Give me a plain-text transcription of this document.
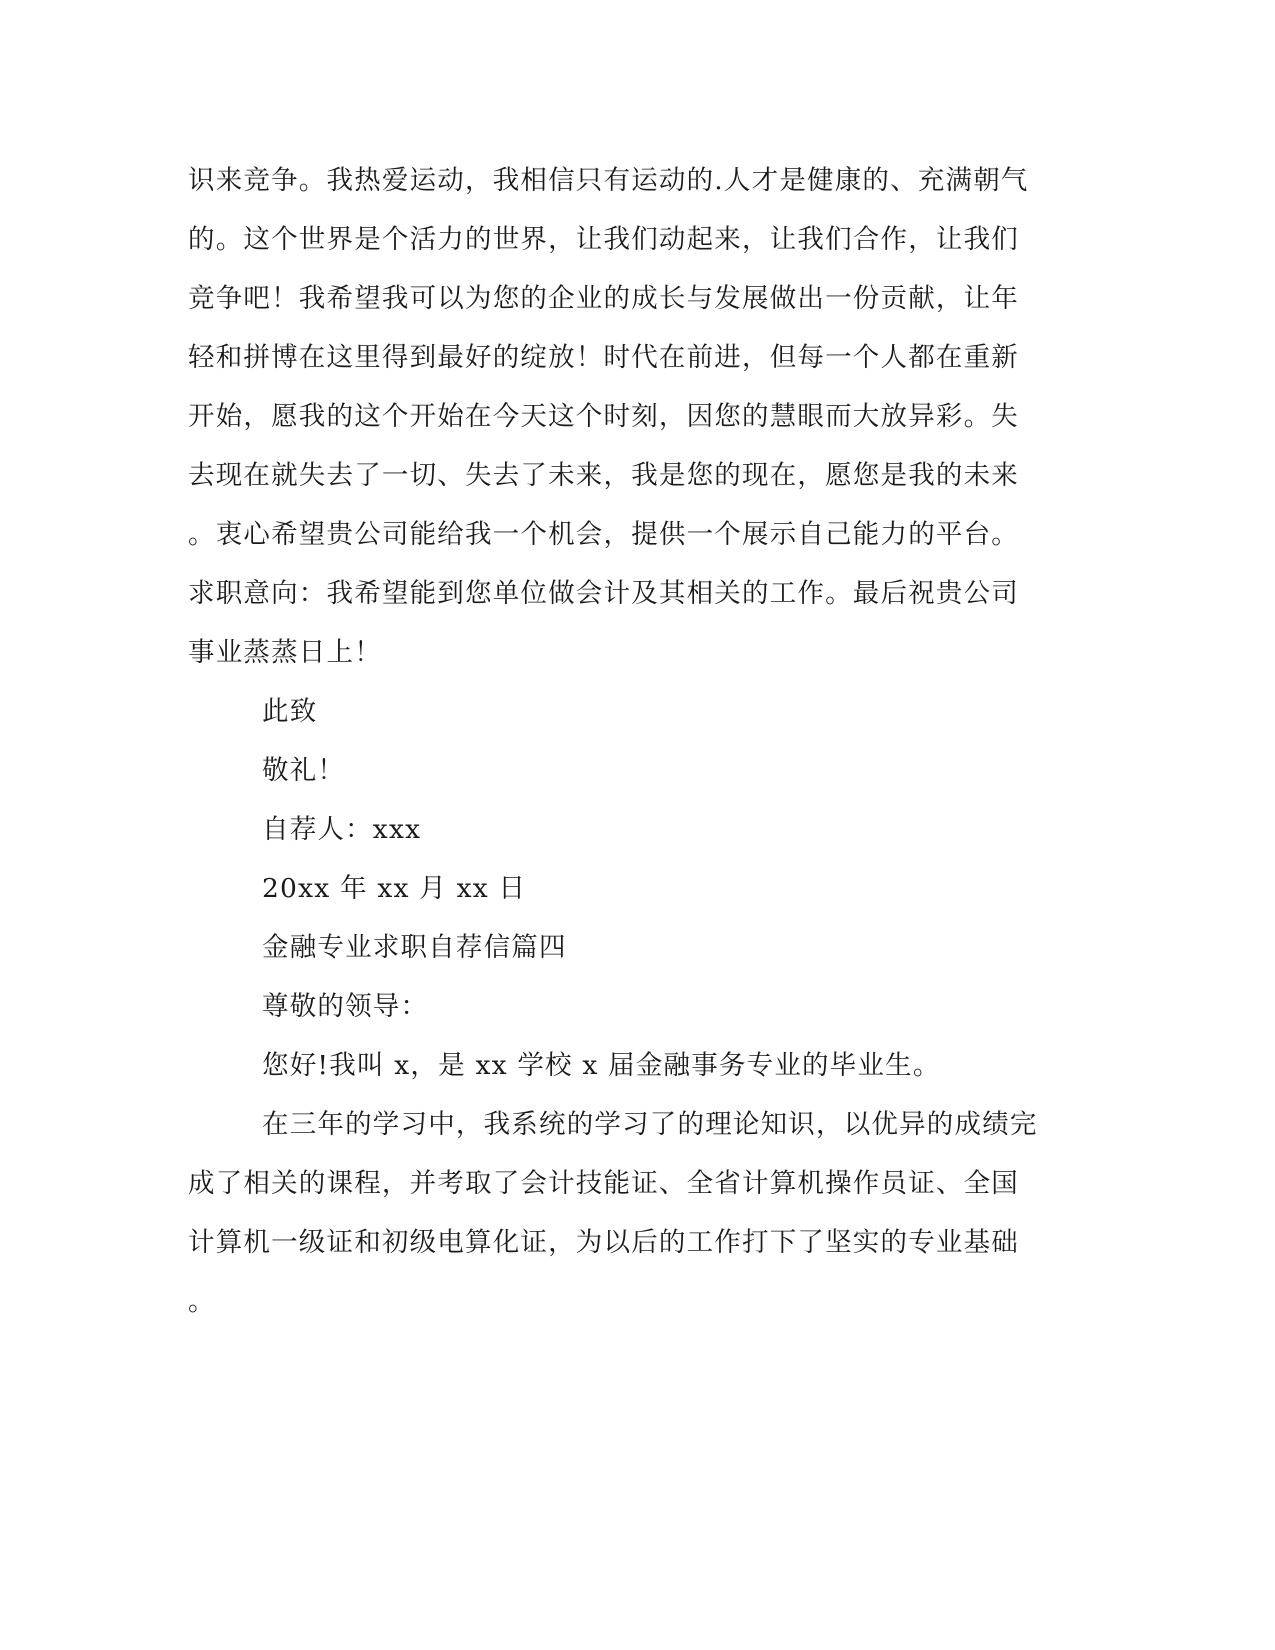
识来竞争。我热爱运动，我相信只有运动的.人才是健康的、充满朝气
的。这个世界是个活力的世界，让我们动起来，让我们合作，让我们
竞争吧！我希望我可以为您的企业的成长与发展做出一份贡献，让年
轻和拼博在这里得到最好的绽放！时代在前进，但每一个人都在重新
开始，愿我的这个开始在今天这个时刻，因您的慧眼而大放异彩。失
去现在就失去了一切、失去了未来，我是您的现在，愿您是我的未来
。衷心希望贵公司能给我一个机会，提供一个展示自己能力的平台。
求职意向：我希望能到您单位做会计及其相关的工作。最后祝贵公司
事业蒸蒸日上！
此致
敬礼！
自荐人：xxx
20xx 年 xx 月 xx 日
金融专业求职自荐信篇四
尊敬的领导：
您好!我叫 x，是 xx 学校 x 届金融事务专业的毕业生。
在三年的学习中，我系统的学习了的理论知识，以优异的成绩完
成了相关的课程，并考取了会计技能证、全省计算机操作员证、全国
计算机一级证和初级电算化证，为以后的工作打下了坚实的专业基础
。
